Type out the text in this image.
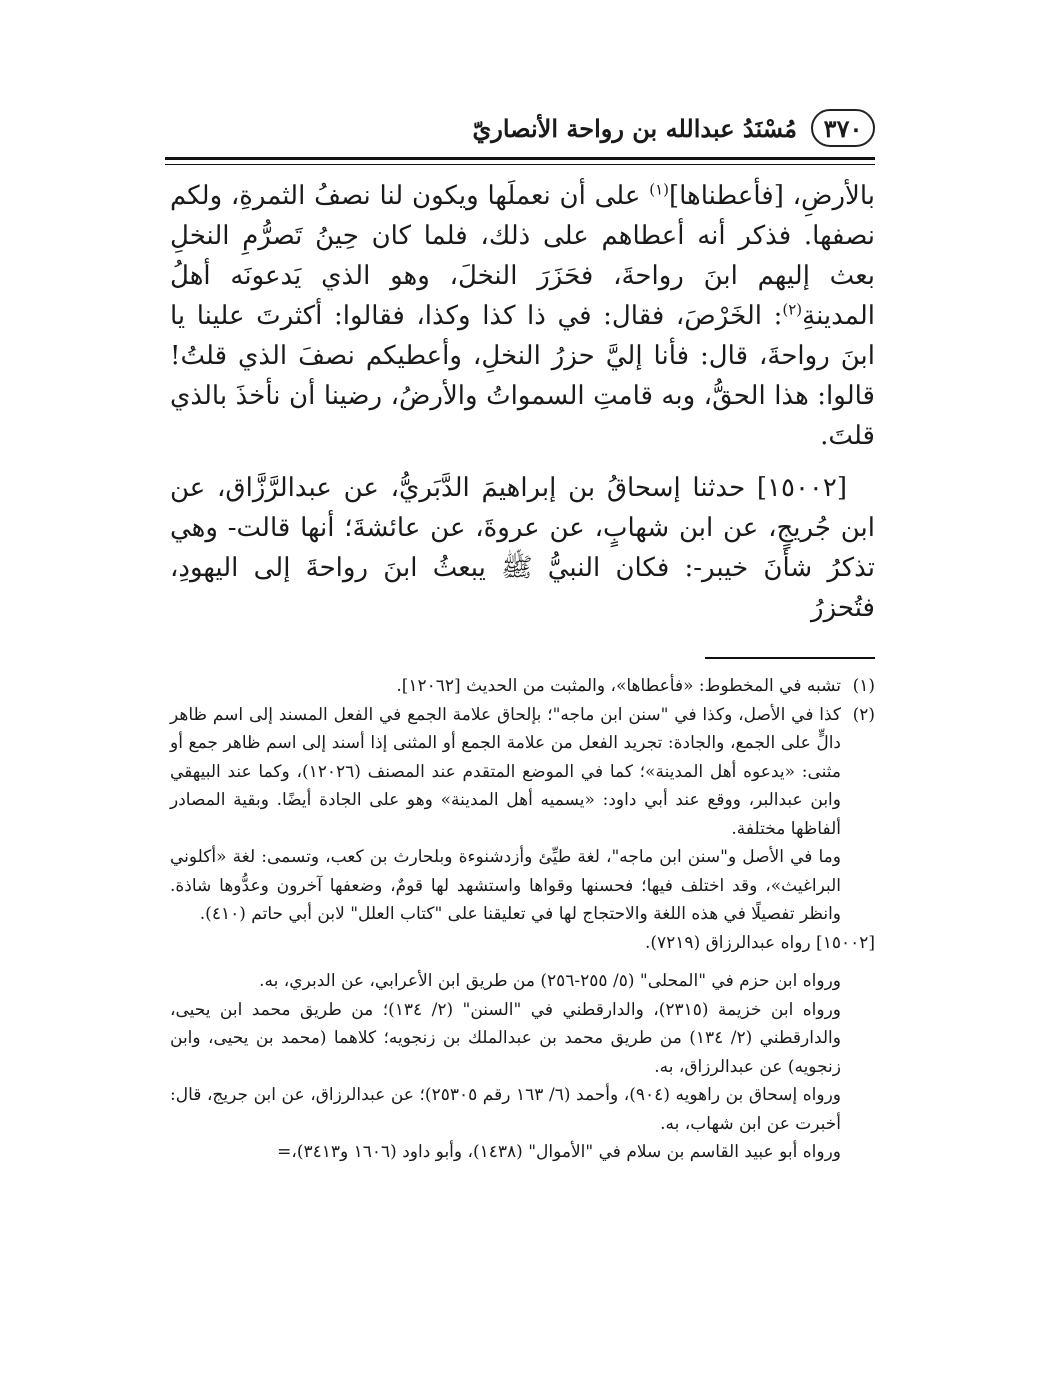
٣٧٠
مُسْنَدُ عبدالله بن رواحة الأنصاريّ

بالأرضِ، [فأعطناها]$^{(١)}$ على أن نعملَها ويكون لنا نصفُ الثمرةِ، ولكم نصفها. فذكر أنه أعطاهم على ذلك، فلما كان حِينُ تَصرُّمِ النخلِ بعث إليهم ابنَ رواحةَ، فحَزَرَ النخلَ، وهو الذي يَدعونَه أهلُ المدينةِ$^{(٢)}$: الخَرْصَ، فقال: في ذا كذا وكذا، فقالوا: أكثرتَ علينا يا ابنَ رواحةَ، قال: فأنا إليَّ حزرُ النخلِ، وأعطيكم نصفَ الذي قلتُ! قالوا: هذا الحقُّ، وبه قامتِ السمواتُ والأرضُ، رضينا أن نأخذَ بالذي قلتَ.

[١٥٠٠٢] حدثنا إسحاقُ بن إبراهيمَ الدَّبَريُّ، عن عبدالرَّزَّاق، عن ابن جُريجٍ، عن ابن شهابٍ، عن عروةَ، عن عائشةَ؛ أنها قالت- وهي تذكرُ شأنَ خيبر-: فكان النبيُّ ﷺ يبعثُ ابنَ رواحةَ إلى اليهودِ، فتُحزرُ

(١)

تشبه في المخطوط: «فأعطاها»، والمثبت من الحديث [١٢٠٦٢].

(٢)

كذا في الأصل، وكذا في "سنن ابن ماجه"؛ بإلحاق علامة الجمع في الفعل المسند إلى اسم ظاهر دالٍّ على الجمع، والجادة: تجريد الفعل من علامة الجمع أو المثنى إذا أسند إلى اسم ظاهر جمع أو مثنى: «يدعوه أهل المدينة»؛ كما في الموضع المتقدم عند المصنف (١٢٠٢٦)، وكما عند البيهقي وابن عبدالبر، ووقع عند أبي داود: «يسميه أهل المدينة» وهو على الجادة أيضًا. وبقية المصادر ألفاظها مختلفة.

وما في الأصل و"سنن ابن ماجه"، لغة طيِّئ وأزدشنوءة وبلحارث بن كعب، وتسمى: لغة «أكلوني البراغيث»، وقد اختلف فيها؛ فحسنها وقواها واستشهد لها قومٌ، وضعفها آخرون وعدُّوها شاذة. وانظر تفصيلًا في هذه اللغة والاحتجاج لها في تعليقنا على "كتاب العلل" لابن أبي حاتم (٤١٠).

[١٥٠٠٢] رواه عبدالرزاق (٧٢١٩).

ورواه ابن حزم في "المحلى" (٥/ ٢٥٥-٢٥٦) من طريق ابن الأعرابي، عن الدبري، به.

ورواه ابن خزيمة (٢٣١٥)، والدارقطني في "السنن" (٢/ ١٣٤)؛ من طريق محمد ابن يحيى، والدارقطني (٢/ ١٣٤) من طريق محمد بن عبدالملك بن زنجويه؛ كلاهما (محمد بن يحيى، وابن زنجويه) عن عبدالرزاق، به.

ورواه إسحاق بن راهويه (٩٠٤)، وأحمد (٦/ ١٦٣ رقم ٢٥٣٠٥)؛ عن عبدالرزاق، عن ابن جريج، قال: أخبرت عن ابن شهاب، به.

ورواه أبو عبيد القاسم بن سلام في "الأموال" (١٤٣٨)، وأبو داود (١٦٠٦ و٣٤١٣)،=
